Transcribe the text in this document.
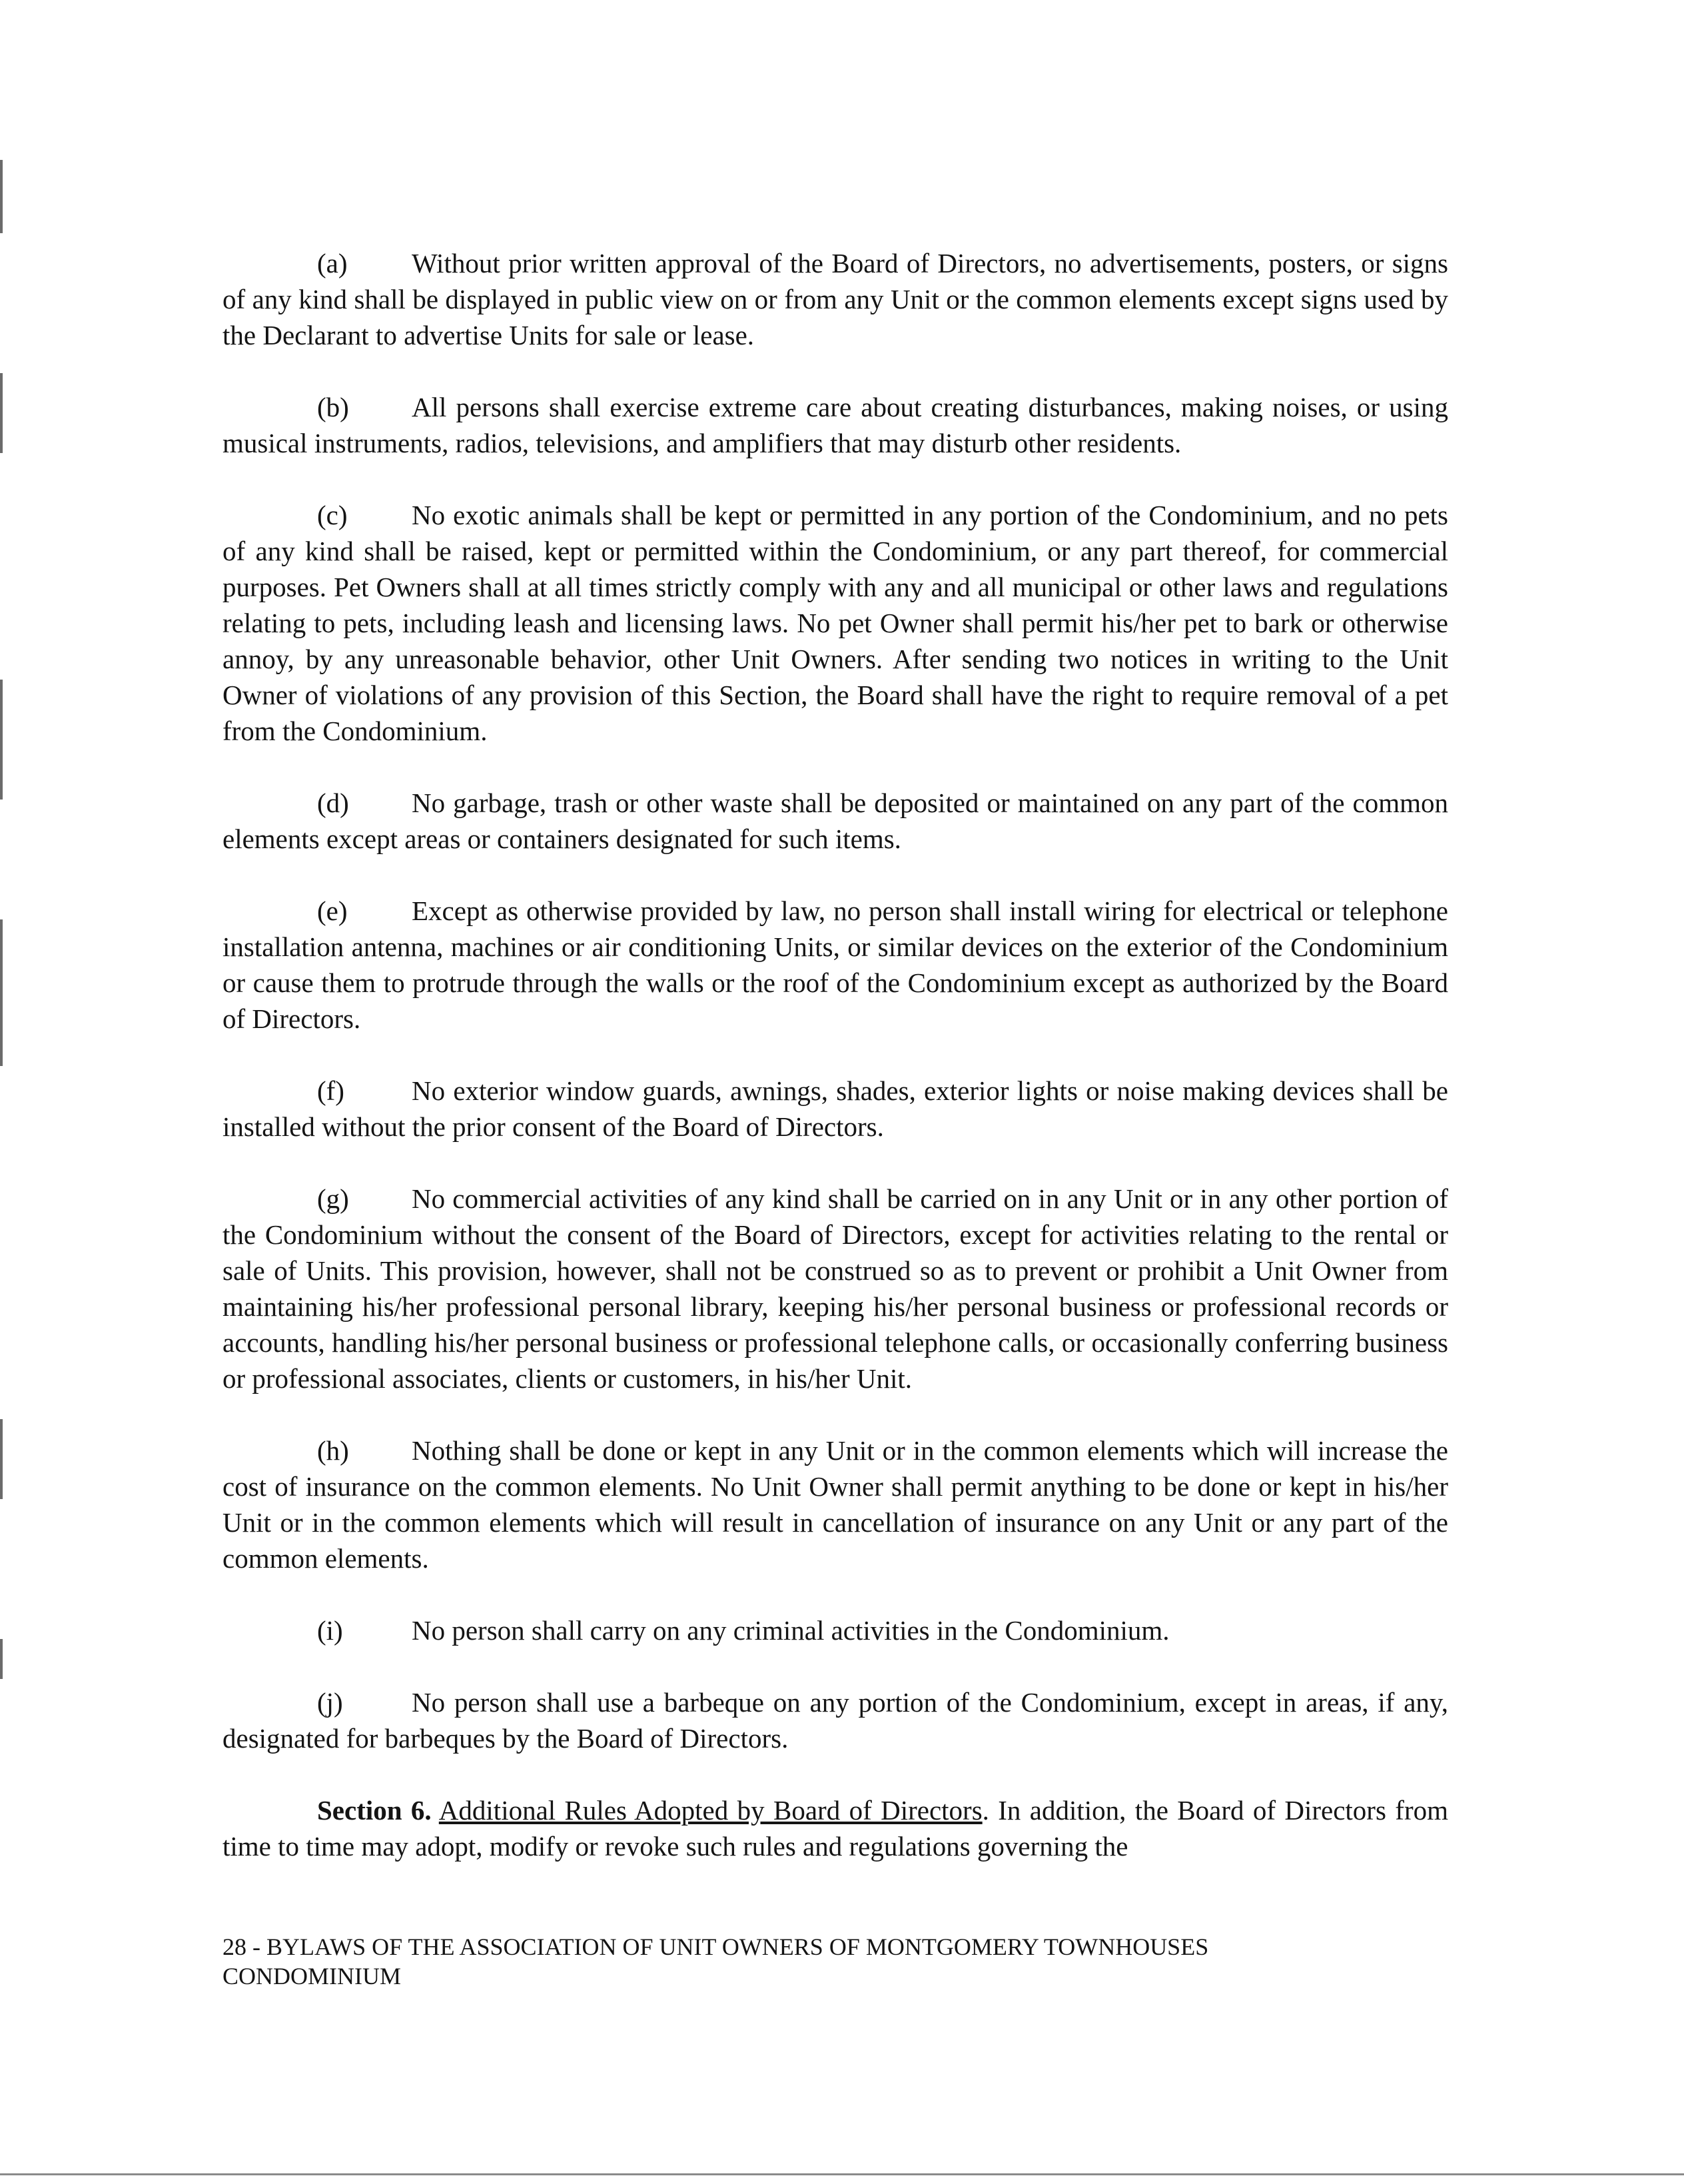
(a) Without prior written approval of the Board of Directors, no advertisements, posters, or signs of any kind shall be displayed in public view on or from any Unit or the common elements except signs used by the Declarant to advertise Units for sale or lease.

(b) All persons shall exercise extreme care about creating disturbances, making noises, or using musical instruments, radios, televisions, and amplifiers that may disturb other residents.

(c) No exotic animals shall be kept or permitted in any portion of the Condominium, and no pets of any kind shall be raised, kept or permitted within the Condominium, or any part thereof, for commercial purposes. Pet Owners shall at all times strictly comply with any and all municipal or other laws and regulations relating to pets, including leash and licensing laws. No pet Owner shall permit his/her pet to bark or otherwise annoy, by any unreasonable behavior, other Unit Owners. After sending two notices in writing to the Unit Owner of violations of any provision of this Section, the Board shall have the right to require removal of a pet from the Condominium.

(d) No garbage, trash or other waste shall be deposited or maintained on any part of the common elements except areas or containers designated for such items.

(e) Except as otherwise provided by law, no person shall install wiring for electrical or telephone installation antenna, machines or air conditioning Units, or similar devices on the exterior of the Condominium or cause them to protrude through the walls or the roof of the Condominium except as authorized by the Board of Directors.

(f) No exterior window guards, awnings, shades, exterior lights or noise making devices shall be installed without the prior consent of the Board of Directors.

(g) No commercial activities of any kind shall be carried on in any Unit or in any other portion of the Condominium without the consent of the Board of Directors, except for activities relating to the rental or sale of Units. This provision, however, shall not be construed so as to prevent or prohibit a Unit Owner from maintaining his/her professional personal library, keeping his/her personal business or professional records or accounts, handling his/her personal business or professional telephone calls, or occasionally conferring business or professional associates, clients or customers, in his/her Unit.

(h) Nothing shall be done or kept in any Unit or in the common elements which will increase the cost of insurance on the common elements. No Unit Owner shall permit anything to be done or kept in his/her Unit or in the common elements which will result in cancellation of insurance on any Unit or any part of the common elements.

(i)	No person shall carry on any criminal activities in the Condominium.

(j)	No person shall use a barbeque on any portion of the Condominium, except in areas, if any, designated for barbeques by the Board of Directors.

Section 6. Additional Rules Adopted by Board of Directors. In addition, the Board of Directors from time to time may adopt, modify or revoke such rules and regulations governing the

28 - BYLAWS OF THE ASSOCIATION OF UNIT OWNERS OF MONTGOMERY TOWNHOUSES
CONDOMINIUM
